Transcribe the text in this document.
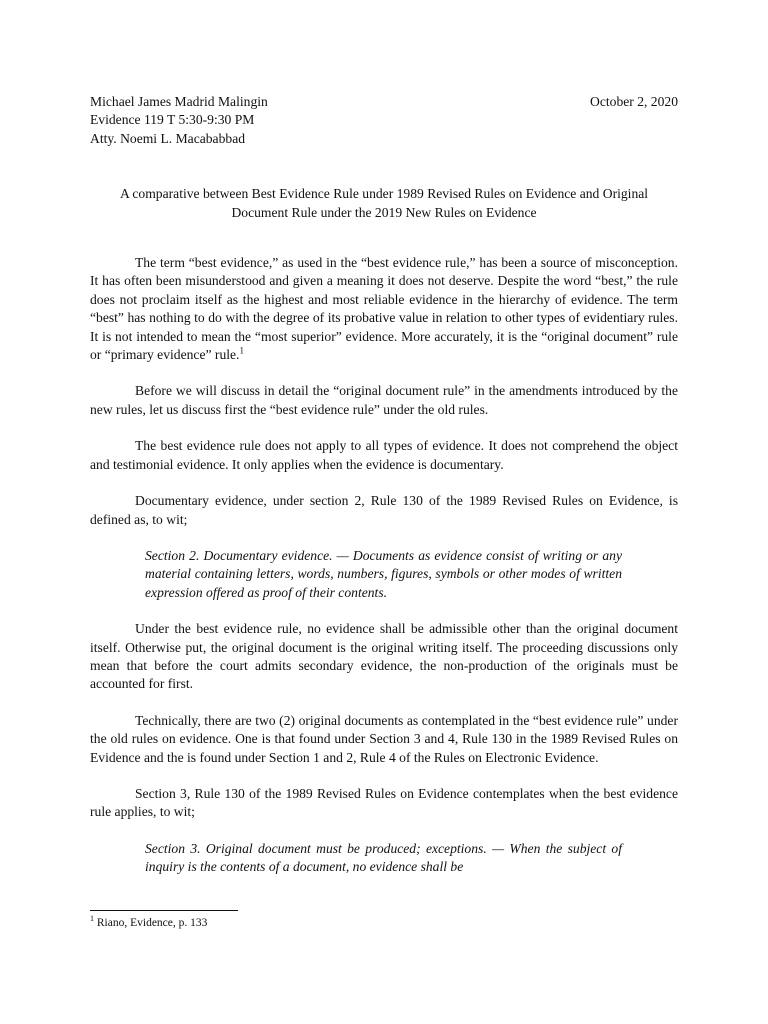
Michael James Madrid Malingin	October 2, 2020
Evidence 119 T 5:30-9:30 PM
Atty. Noemi L. Macababbad
A comparative between Best Evidence Rule under 1989 Revised Rules on Evidence and Original Document Rule under the 2019 New Rules on Evidence

The term “best evidence,” as used in the “best evidence rule,” has been a source of misconception. It has often been misunderstood and given a meaning it does not deserve. Despite the word “best,” the rule does not proclaim itself as the highest and most reliable evidence in the hierarchy of evidence. The term “best” has nothing to do with the degree of its probative value in relation to other types of evidentiary rules. It is not intended to mean the “most superior” evidence. More accurately, it is the “original document” rule or “primary evidence” rule.$^1$

Before we will discuss in detail the “original document rule” in the amendments introduced by the new rules, let us discuss first the “best evidence rule” under the old rules.

The best evidence rule does not apply to all types of evidence. It does not comprehend the object and testimonial evidence. It only applies when the evidence is documentary.

Documentary evidence, under section 2, Rule 130 of the 1989 Revised Rules on Evidence, is defined as, to wit;

Section 2. Documentary evidence. — Documents as evidence consist of writing or any material containing letters, words, numbers, figures, symbols or other modes of written expression offered as proof of their contents.

Under the best evidence rule, no evidence shall be admissible other than the original document itself. Otherwise put, the original document is the original writing itself. The proceeding discussions only mean that before the court admits secondary evidence, the non-production of the originals must be accounted for first.

Technically, there are two (2) original documents as contemplated in the “best evidence rule” under the old rules on evidence. One is that found under Section 3 and 4, Rule 130 in the 1989 Revised Rules on Evidence and the is found under Section 1 and 2, Rule 4 of the Rules on Electronic Evidence.

Section 3, Rule 130 of the 1989 Revised Rules on Evidence contemplates when the best evidence rule applies, to wit;

Section 3. Original document must be produced; exceptions. — When the subject of inquiry is the contents of a document, no evidence shall be

$^1$ Riano, Evidence, p. 133
